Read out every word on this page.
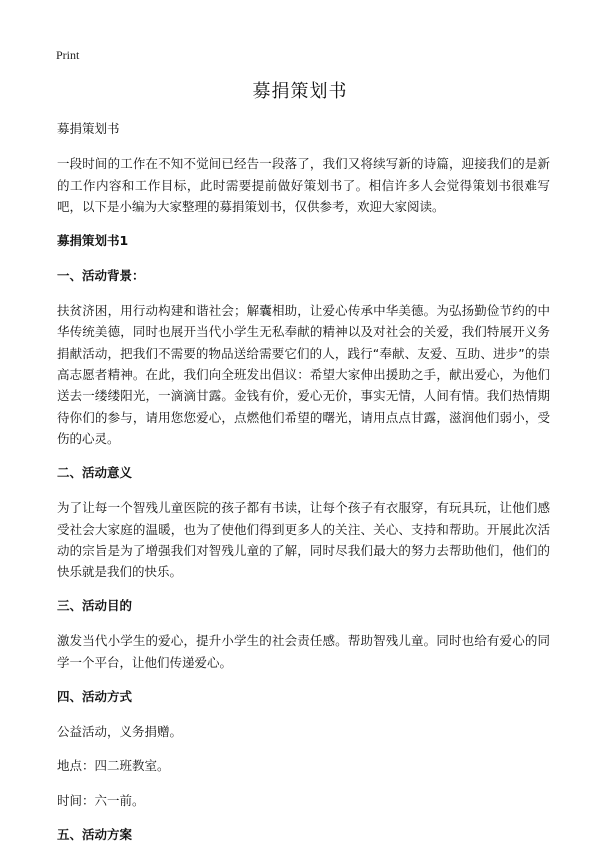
Print
募捐策划书
募捐策划书
一段时间的工作在不知不觉间已经告一段落了，我们又将续写新的诗篇，迎接我们的是新的工作内容和工作目标，此时需要提前做好策划书了。相信许多人会觉得策划书很难写吧，以下是小编为大家整理的募捐策划书，仅供参考，欢迎大家阅读。
募捐策划书1
一、活动背景：
扶贫济困，用行动构建和谐社会；解囊相助，让爱心传承中华美德。为弘扬勤俭节约的中华传统美德，同时也展开当代小学生无私奉献的精神以及对社会的关爱，我们特展开义务捐献活动，把我们不需要的物品送给需要它们的人，践行“奉献、友爱、互助、进步”的崇高志愿者精神。在此，我们向全班发出倡议：希望大家伸出援助之手，献出爱心，为他们送去一缕缕阳光，一滴滴甘露。金钱有价，爱心无价，事实无情，人间有情。我们热情期待你们的参与，请用您您爱心，点燃他们希望的曙光，请用点点甘露，滋润他们弱小，受伤的心灵。
二、活动意义
为了让每一个智残儿童医院的孩子都有书读，让每个孩子有衣服穿，有玩具玩，让他们感受社会大家庭的温暖，也为了使他们得到更多人的关注、关心、支持和帮助。开展此次活动的宗旨是为了增强我们对智残儿童的了解，同时尽我们最大的努力去帮助他们，他们的快乐就是我们的快乐。
三、活动目的
激发当代小学生的爱心，提升小学生的社会责任感。帮助智残儿童。同时也给有爱心的同学一个平台，让他们传递爱心。
四、活动方式
公益活动，义务捐赠。
地点：四二班教室。
时间：六一前。
五、活动方案
